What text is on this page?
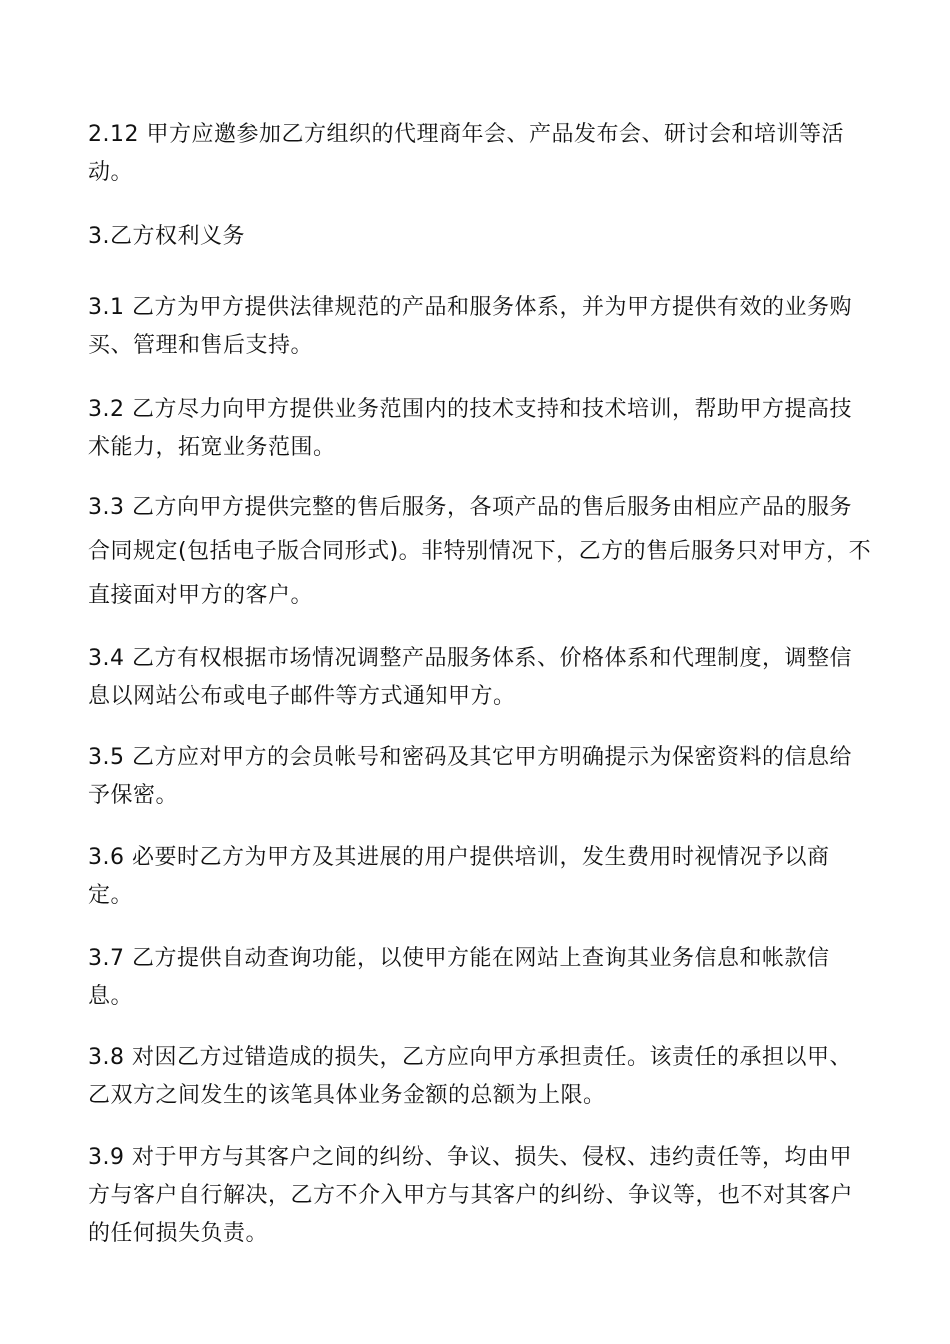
2.12 甲方应邀参加乙方组织的代理商年会、产品发布会、研讨会和培训等活动。

3.乙方权利义务

3.1 乙方为甲方提供法律规范的产品和服务体系，并为甲方提供有效的业务购买、管理和售后支持。

3.2 乙方尽力向甲方提供业务范围内的技术支持和技术培训，帮助甲方提高技术能力，拓宽业务范围。

3.3 乙方向甲方提供完整的售后服务，各项产品的售后服务由相应产品的服务合同规定(包括电子版合同形式)。非特别情况下，乙方的售后服务只对甲方，不直接面对甲方的客户。

3.4 乙方有权根据市场情况调整产品服务体系、价格体系和代理制度，调整信息以网站公布或电子邮件等方式通知甲方。

3.5 乙方应对甲方的会员帐号和密码及其它甲方明确提示为保密资料的信息给予保密。

3.6 必要时乙方为甲方及其进展的用户提供培训，发生费用时视情况予以商定。

3.7 乙方提供自动查询功能，以使甲方能在网站上查询其业务信息和帐款信息。

3.8 对因乙方过错造成的损失，乙方应向甲方承担责任。该责任的承担以甲、乙双方之间发生的该笔具体业务金额的总额为上限。

3.9 对于甲方与其客户之间的纠纷、争议、损失、侵权、违约责任等，均由甲方与客户自行解决，乙方不介入甲方与其客户的纠纷、争议等，也不对其客户的任何损失负责。
